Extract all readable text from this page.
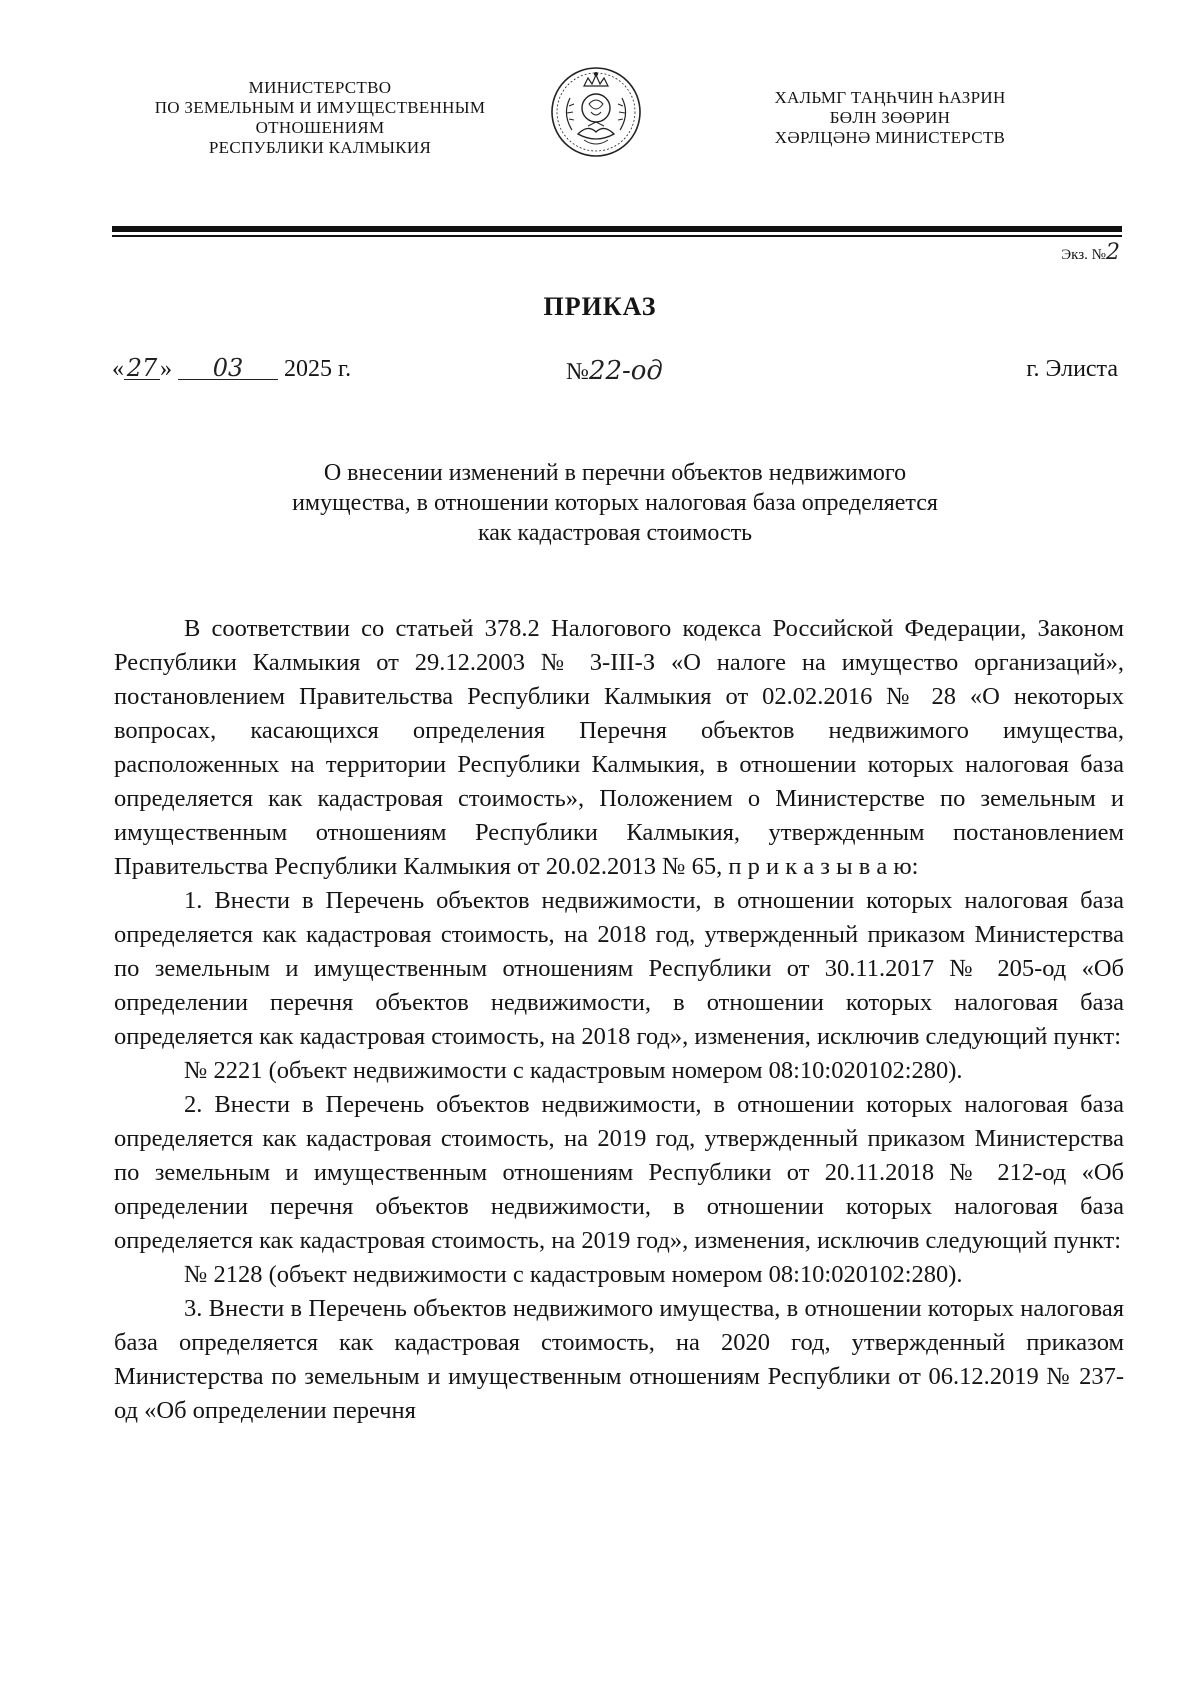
МИНИСТЕРСТВО
ПО ЗЕМЕЛЬНЫМ И ИМУЩЕСТВЕННЫМ
ОТНОШЕНИЯМ
РЕСПУБЛИКИ КАЛМЫКИЯ
ХАЛЬМГ ТАҢҺЧИН ҺАЗРИН
БӨЛН ЗӨӨРИН
ХӘРЛЦӘНӘ МИНИСТЕРСТВ
Экз. №2
ПРИКАЗ
« 27 » 03 2025 г.	№22-од	г. Элиста
О внесении изменений в перечни объектов недвижимого
имущества, в отношении которых налоговая база определяется
как кадастровая стоимость

В соответствии со статьей 378.2 Налогового кодекса Российской Федерации, Законом Республики Калмыкия от 29.12.2003 № 3-III-З «О налоге на имущество организаций», постановлением Правительства Республики Калмыкия от 02.02.2016 № 28 «О некоторых вопросах, касающихся определения Перечня объектов недвижимого имущества, расположенных на территории Республики Калмыкия, в отношении которых налоговая база определяется как кадастровая стоимость», Положением о Министерстве по земельным и имущественным отношениям Республики Калмыкия, утвержденным постановлением Правительства Республики Калмыкия от 20.02.2013 № 65, п р и к а з ы в а ю:

1. Внести в Перечень объектов недвижимости, в отношении которых налоговая база определяется как кадастровая стоимость, на 2018 год, утвержденный приказом Министерства по земельным и имущественным отношениям Республики от 30.11.2017 № 205-од «Об определении перечня объектов недвижимости, в отношении которых налоговая база определяется как кадастровая стоимость, на 2018 год», изменения, исключив следующий пункт:

№ 2221 (объект недвижимости с кадастровым номером 08:10:020102:280).

2. Внести в Перечень объектов недвижимости, в отношении которых налоговая база определяется как кадастровая стоимость, на 2019 год, утвержденный приказом Министерства по земельным и имущественным отношениям Республики от 20.11.2018 № 212-од «Об определении перечня объектов недвижимости, в отношении которых налоговая база определяется как кадастровая стоимость, на 2019 год», изменения, исключив следующий пункт:

№ 2128 (объект недвижимости с кадастровым номером 08:10:020102:280).

3. Внести в Перечень объектов недвижимого имущества, в отношении которых налоговая база определяется как кадастровая стоимость, на 2020 год, утвержденный приказом Министерства по земельным и имущественным отношениям Республики от 06.12.2019 № 237-од «Об определении перечня
